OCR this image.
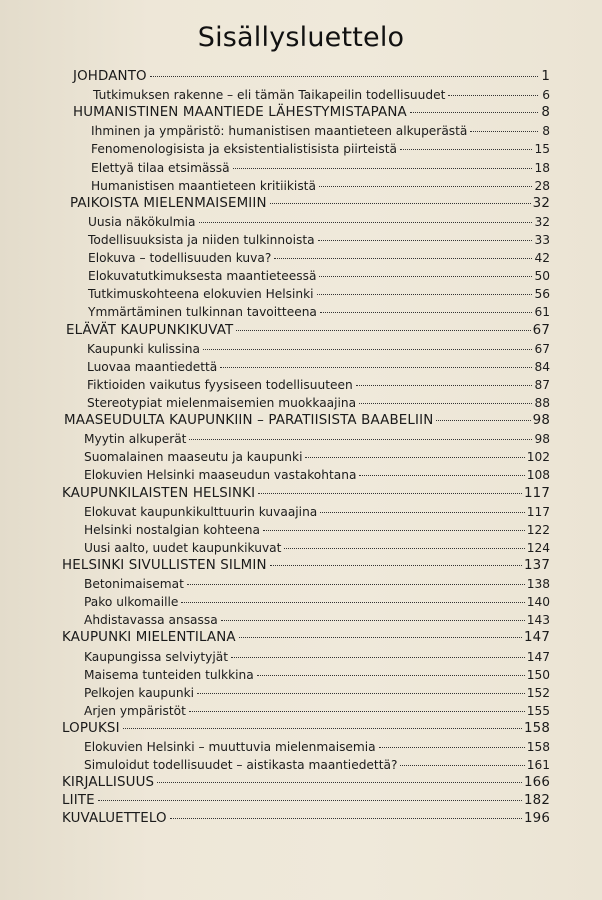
Sisällysluettelo
JOHDANTO	1
Tutkimuksen rakenne – eli tämän Taikapeilin todellisuudet	6
HUMANISTINEN MAANTIEDE LÄHESTYMISTAPANA	8
Ihminen ja ympäristö: humanistisen maantieteen alkuperästä	8
Fenomenologisista ja eksistentialistisista piirteistä	15
Elettyä tilaa etsimässä	18
Humanistisen maantieteen kritiikistä	28
PAIKOISTA MIELENMAISEMIIN	32
Uusia näkökulmia	32
Todellisuuksista ja niiden tulkinnoista	33
Elokuva – todellisuuden kuva?	42
Elokuvatutkimuksesta maantieteessä	50
Tutkimuskohteena elokuvien Helsinki	56
Ymmärtäminen tulkinnan tavoitteena	61
ELÄVÄT KAUPUNKIKUVAT	67
Kaupunki kulissina	67
Luovaa maantiedettä	84
Fiktioiden vaikutus fyysiseen todellisuuteen	87
Stereotypiat mielenmaisemien muokkaajina	88
MAASEUDULTA KAUPUNKIIN – PARATIISISTA BAABELIIN	98
Myytin alkuperät	98
Suomalainen maaseutu ja kaupunki	102
Elokuvien Helsinki maaseudun vastakohtana	108
KAUPUNKILAISTEN HELSINKI	117
Elokuvat kaupunkikulttuurin kuvaajina	117
Helsinki nostalgian kohteena	122
Uusi aalto, uudet kaupunkikuvat	124
HELSINKI SIVULLISTEN SILMIN	137
Betonimaisemat	138
Pako ulkomaille	140
Ahdistavassa ansassa	143
KAUPUNKI MIELENTILANA	147
Kaupungissa selviytyjät	147
Maisema tunteiden tulkkina	150
Pelkojen kaupunki	152
Arjen ympäristöt	155
LOPUKSI	158
Elokuvien Helsinki – muuttuvia mielenmaisemia	158
Simuloidut todellisuudet – aistikasta maantiedettä?	161
KIRJALLISUUS	166
LIITE	182
KUVALUETTELO	196
